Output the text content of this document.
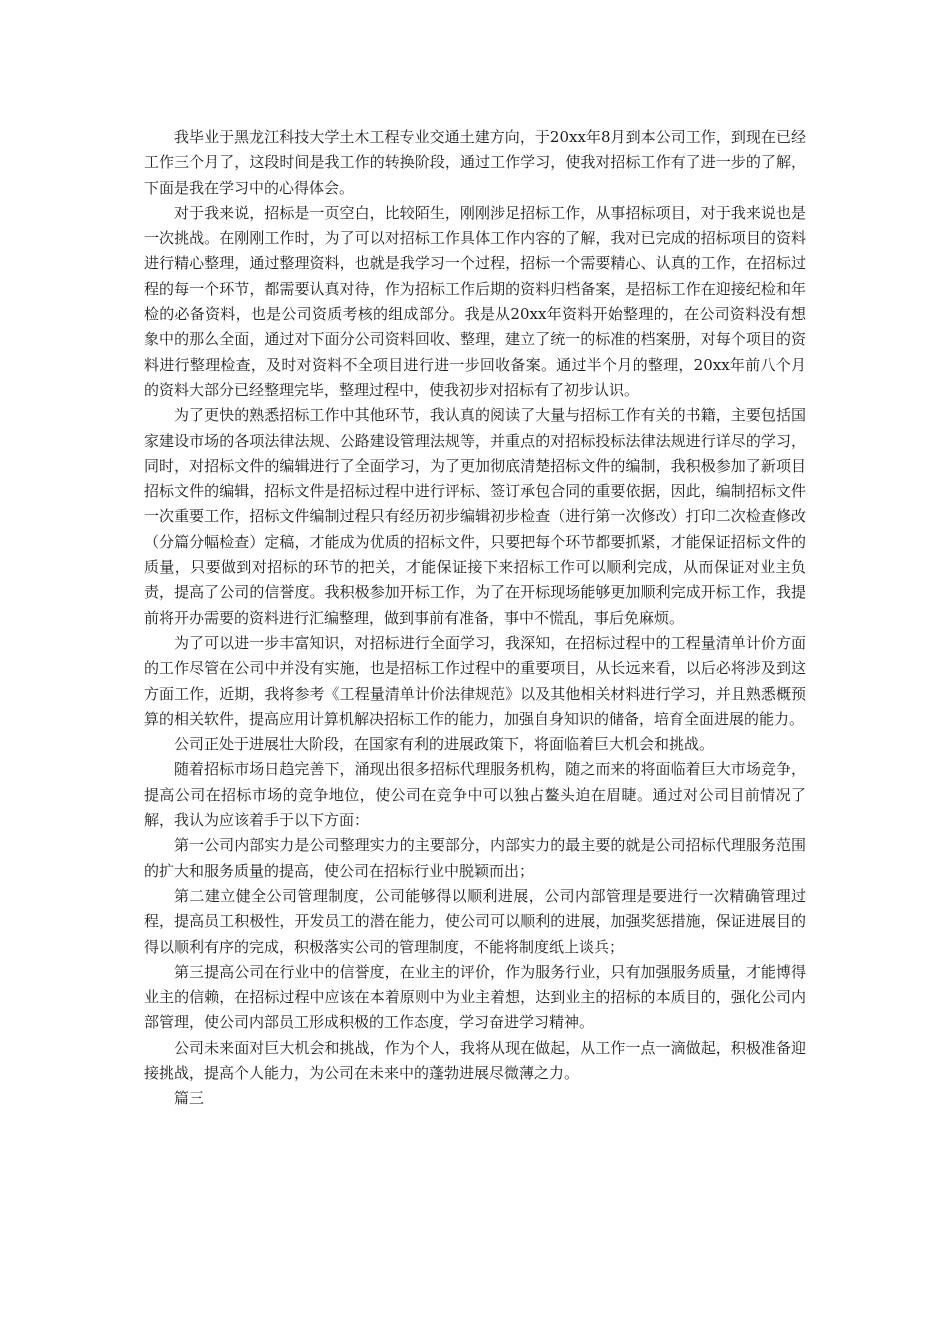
我毕业于黑龙江科技大学土木工程专业交通土建方向，于20xx年8月到本公司工作，到现在已经工作三个月了，这段时间是我工作的转换阶段，通过工作学习，使我对招标工作有了进一步的了解，下面是我在学习中的心得体会。

对于我来说，招标是一页空白，比较陌生，刚刚涉足招标工作，从事招标项目，对于我来说也是一次挑战。在刚刚工作时，为了可以对招标工作具体工作内容的了解，我对已完成的招标项目的资料进行精心整理，通过整理资料，也就是我学习一个过程，招标一个需要精心、认真的工作，在招标过程的每一个环节，都需要认真对待，作为招标工作后期的资料归档备案，是招标工作在迎接纪检和年检的必备资料，也是公司资质考核的组成部分。我是从20xx年资料开始整理的，在公司资料没有想象中的那么全面，通过对下面分公司资料回收、整理，建立了统一的标准的档案册，对每个项目的资料进行整理检查，及时对资料不全项目进行进一步回收备案。通过半个月的整理，20xx年前八个月的资料大部分已经整理完毕，整理过程中，使我初步对招标有了初步认识。

为了更快的熟悉招标工作中其他环节，我认真的阅读了大量与招标工作有关的书籍，主要包括国家建设市场的各项法律法规、公路建设管理法规等，并重点的对招标投标法律法规进行详尽的学习，同时，对招标文件的编辑进行了全面学习，为了更加彻底清楚招标文件的编制，我积极参加了新项目招标文件的编辑，招标文件是招标过程中进行评标、签订承包合同的重要依据，因此，编制招标文件一次重要工作，招标文件编制过程只有经历初步编辑初步检查（进行第一次修改）打印二次检查修改（分篇分幅检查）定稿，才能成为优质的招标文件，只要把每个环节都要抓紧，才能保证招标文件的质量，只要做到对招标的环节的把关，才能保证接下来招标工作可以顺利完成，从而保证对业主负责，提高了公司的信誉度。我积极参加开标工作，为了在开标现场能够更加顺利完成开标工作，我提前将开办需要的资料进行汇编整理，做到事前有准备，事中不慌乱，事后免麻烦。

为了可以进一步丰富知识，对招标进行全面学习，我深知，在招标过程中的工程量清单计价方面的工作尽管在公司中并没有实施，也是招标工作过程中的重要项目，从长远来看，以后必将涉及到这方面工作，近期，我将参考《工程量清单计价法律规范》以及其他相关材料进行学习，并且熟悉概预算的相关软件，提高应用计算机解决招标工作的能力，加强自身知识的储备，培育全面进展的能力。

公司正处于进展壮大阶段，在国家有利的进展政策下，将面临着巨大机会和挑战。

随着招标市场日趋完善下，涌现出很多招标代理服务机构，随之而来的将面临着巨大市场竞争，提高公司在招标市场的竞争地位，使公司在竞争中可以独占鳌头迫在眉睫。通过对公司目前情况了解，我认为应该着手于以下方面：

第一公司内部实力是公司整理实力的主要部分，内部实力的最主要的就是公司招标代理服务范围的扩大和服务质量的提高，使公司在招标行业中脱颖而出；

第二建立健全公司管理制度，公司能够得以顺利进展，公司内部管理是要进行一次精确管理过程，提高员工积极性，开发员工的潜在能力，使公司可以顺利的进展，加强奖惩措施，保证进展目的得以顺利有序的完成，积极落实公司的管理制度，不能将制度纸上谈兵；

第三提高公司在行业中的信誉度，在业主的评价，作为服务行业，只有加强服务质量，才能博得业主的信赖，在招标过程中应该在本着原则中为业主着想，达到业主的招标的本质目的，强化公司内部管理，使公司内部员工形成积极的工作态度，学习奋进学习精神。

公司未来面对巨大机会和挑战，作为个人，我将从现在做起，从工作一点一滴做起，积极准备迎接挑战，提高个人能力，为公司在未来中的蓬勃进展尽微薄之力。

篇三
